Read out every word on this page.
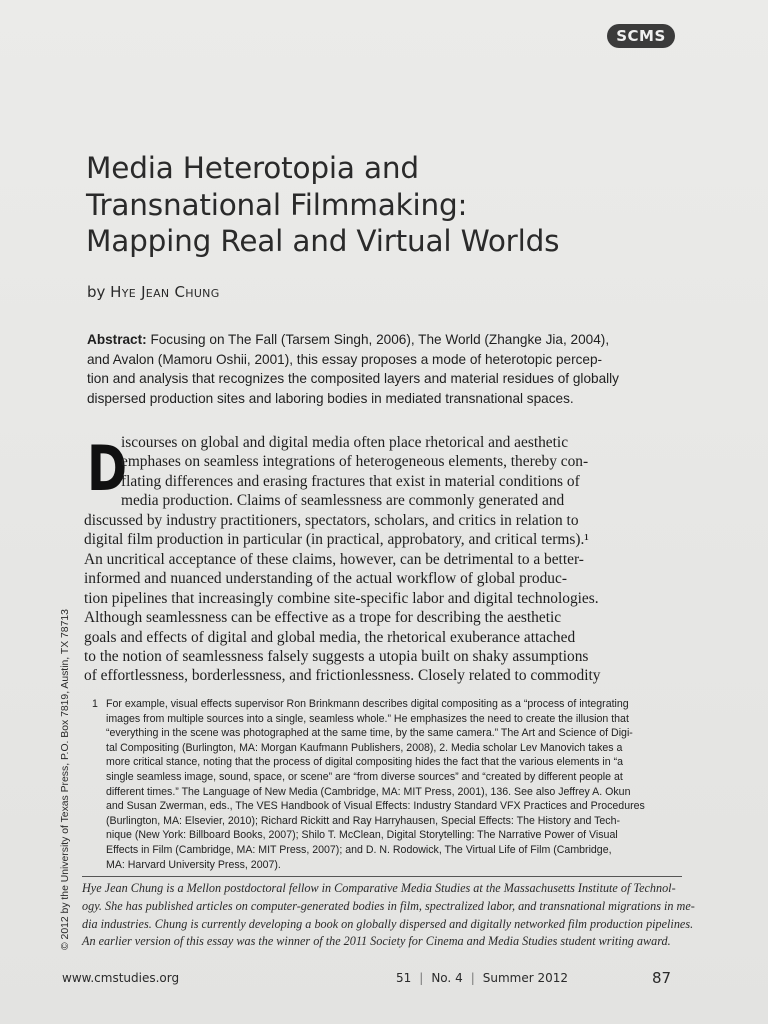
SCMS
Media Heterotopia and
Transnational Filmmaking:
Mapping Real and Virtual Worlds
by Hye Jean Chung
Abstract: Focusing on The Fall (Tarsem Singh, 2006), The World (Zhangke Jia, 2004),
and Avalon (Mamoru Oshii, 2001), this essay proposes a mode of heterotopic percep-
tion and analysis that recognizes the composited layers and material residues of globally
dispersed production sites and laboring bodies in mediated transnational spaces.
D
iscourses on global and digital media often place rhetorical and aesthetic
emphases on seamless integrations of heterogeneous elements, thereby con-
flating differences and erasing fractures that exist in material conditions of
media production. Claims of seamlessness are commonly generated and
discussed by industry practitioners, spectators, scholars, and critics in relation to
digital film production in particular (in practical, approbatory, and critical terms).¹
An uncritical acceptance of these claims, however, can be detrimental to a better-
informed and nuanced understanding of the actual workflow of global produc-
tion pipelines that increasingly combine site-specific labor and digital technologies.
Although seamlessness can be effective as a trope for describing the aesthetic
goals and effects of digital and global media, the rhetorical exuberance attached
to the notion of seamlessness falsely suggests a utopia built on shaky assumptions
of effortlessness, borderlessness, and frictionlessness. Closely related to commodity
© 2012 by the University of Texas Press, P.O. Box 7819, Austin, TX 78713 1 For example, visual effects supervisor Ron Brinkmann describes digital compositing as a “process of integrating
images from multiple sources into a single, seamless whole.” He emphasizes the need to create the illusion that
“everything in the scene was photographed at the same time, by the same camera.” The Art and Science of Digi-
tal Compositing (Burlington, MA: Morgan Kaufmann Publishers, 2008), 2. Media scholar Lev Manovich takes a
more critical stance, noting that the process of digital compositing hides the fact that the various elements in “a
single seamless image, sound, space, or scene” are “from diverse sources” and “created by different people at
different times.” The Language of New Media (Cambridge, MA: MIT Press, 2001), 136. See also Jeffrey A. Okun
and Susan Zwerman, eds., The VES Handbook of Visual Effects: Industry Standard VFX Practices and Procedures
(Burlington, MA: Elsevier, 2010); Richard Rickitt and Ray Harryhausen, Special Effects: The History and Tech-
nique (New York: Billboard Books, 2007); Shilo T. McClean, Digital Storytelling: The Narrative Power of Visual
Effects in Film (Cambridge, MA: MIT Press, 2007); and D. N. Rodowick, The Virtual Life of Film (Cambridge,
MA: Harvard University Press, 2007).
Hye Jean Chung is a Mellon postdoctoral fellow in Comparative Media Studies at the Massachusetts Institute of Technol-
ogy. She has published articles on computer-generated bodies in film, spectralized labor, and transnational migrations in me-
dia industries. Chung is currently developing a book on globally dispersed and digitally networked film production pipelines.
An earlier version of this essay was the winner of the 2011 Society for Cinema and Media Studies student writing award.
www.cmstudies.org	51 | No. 4 | Summer 2012	87
